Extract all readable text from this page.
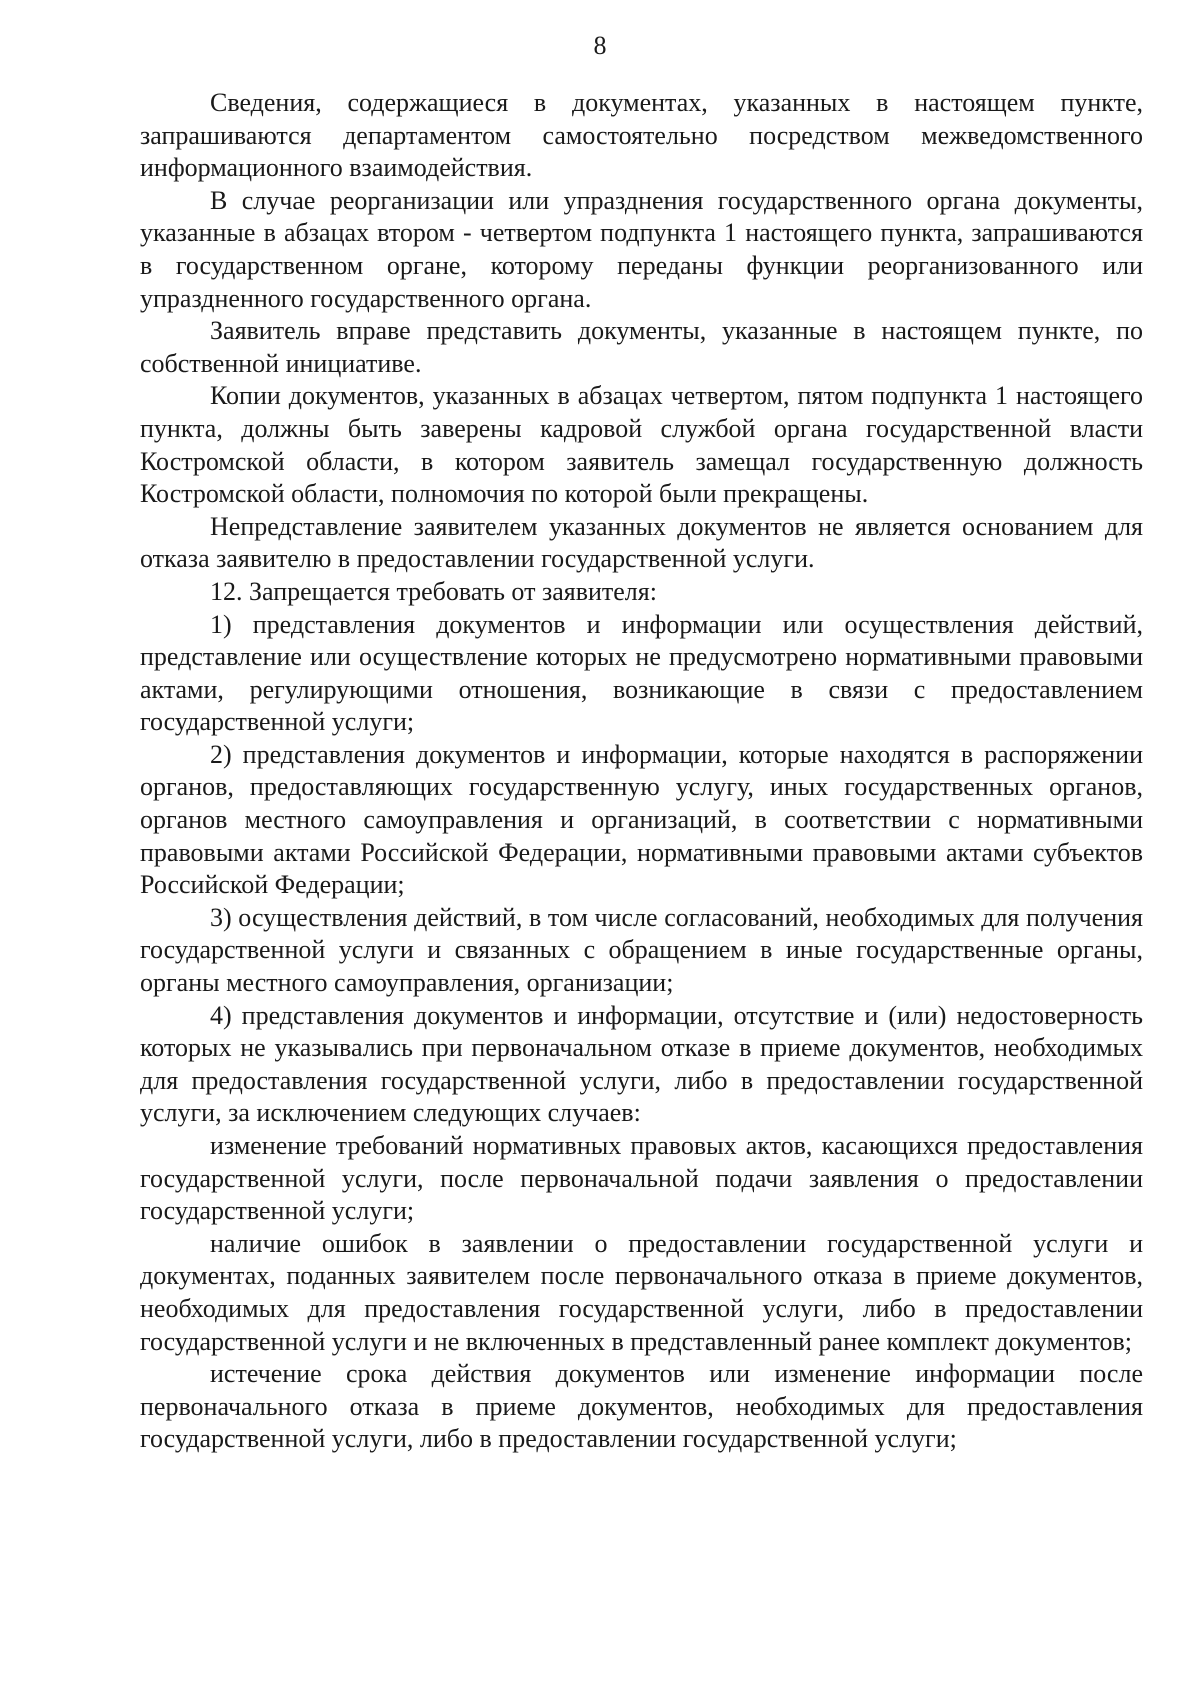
8

Сведения, содержащиеся в документах, указанных в настоящем пункте, запрашиваются департаментом самостоятельно посредством межведомственного информационного взаимодействия.

В случае реорганизации или упразднения государственного органа документы, указанные в абзацах втором - четвертом подпункта 1 настоящего пункта, запрашиваются в государственном органе, которому переданы функции реорганизованного или упраздненного государственного органа.

Заявитель вправе представить документы, указанные в настоящем пункте, по собственной инициативе.

Копии документов, указанных в абзацах четвертом, пятом подпункта 1 настоящего пункта, должны быть заверены кадровой службой органа государственной власти Костромской области, в котором заявитель замещал государственную должность Костромской области, полномочия по которой были прекращены.

Непредставление заявителем указанных документов не является основанием для отказа заявителю в предоставлении государственной услуги.

12. Запрещается требовать от заявителя:

1) представления документов и информации или осуществления действий, представление или осуществление которых не предусмотрено нормативными правовыми актами, регулирующими отношения, возникающие в связи с предоставлением государственной услуги;

2) представления документов и информации, которые находятся в распоряжении органов, предоставляющих государственную услугу, иных государственных органов, органов местного самоуправления и организаций, в соответствии с нормативными правовыми актами Российской Федерации, нормативными правовыми актами субъектов Российской Федерации;

3) осуществления действий, в том числе согласований, необходимых для получения государственной услуги и связанных с обращением в иные государственные органы, органы местного самоуправления, организации;

4) представления документов и информации, отсутствие и (или) недостоверность которых не указывались при первоначальном отказе в приеме документов, необходимых для предоставления государственной услуги, либо в предоставлении государственной услуги, за исключением следующих случаев:

изменение требований нормативных правовых актов, касающихся предоставления государственной услуги, после первоначальной подачи заявления о предоставлении государственной услуги;

наличие ошибок в заявлении о предоставлении государственной услуги и документах, поданных заявителем после первоначального отказа в приеме документов, необходимых для предоставления государственной услуги, либо в предоставлении государственной услуги и не включенных в представленный ранее комплект документов;

истечение срока действия документов или изменение информации после первоначального отказа в приеме документов, необходимых для предоставления государственной услуги, либо в предоставлении государственной услуги;
